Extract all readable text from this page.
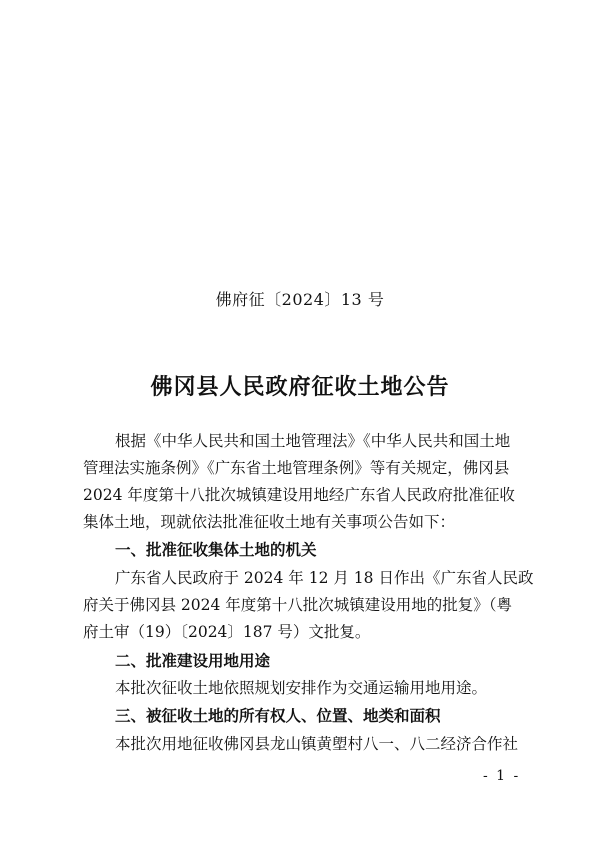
佛府征〔2024〕13 号
佛冈县人民政府征收土地公告
根据《中华人民共和国土地管理法》《中华人民共和国土地
管理法实施条例》《广东省土地管理条例》等有关规定，佛冈县
2024 年度第十八批次城镇建设用地经广东省人民政府批准征收
集体土地，现就依法批准征收土地有关事项公告如下：
一、批准征收集体土地的机关
广东省人民政府于 2024 年 12 月 18 日作出《广东省人民政
府关于佛冈县 2024 年度第十八批次城镇建设用地的批复》（粤
府土审（19）〔2024〕187 号）文批复。
二、批准建设用地用途
本批次征收土地依照规划安排作为交通运输用地用途。
三、被征收土地的所有权人、位置、地类和面积
本批次用地征收佛冈县龙山镇黄塱村八一、八二经济合作社
- 1 -
